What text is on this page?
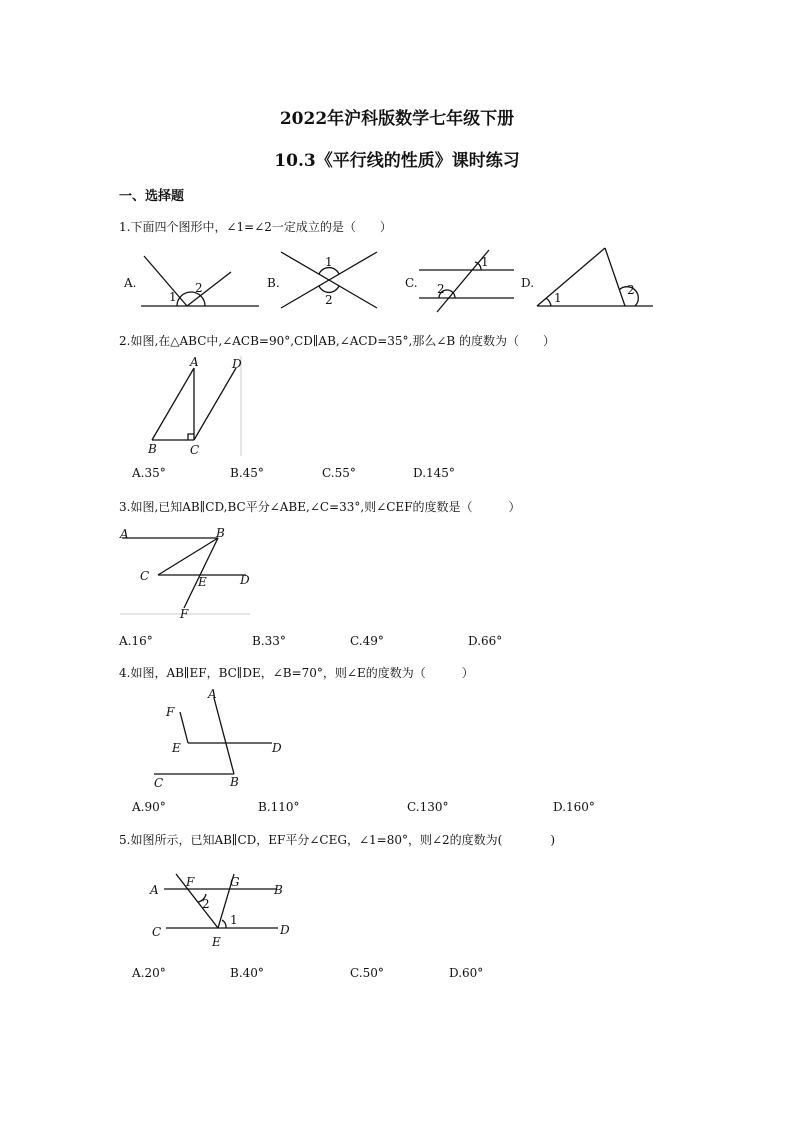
2022年沪科版数学七年级下册
10.3《平行线的性质》课时练习
一、选择题
1.下面四个图形中，∠1=∠2一定成立的是（　　）
A.
1
2	B.
1
2
C.
1
2	D.
1
2
2.如图,在△ABC中,∠ACB=90°,CD∥AB,∠ACD=35°,那么∠B 的度数为（　　）
A	D
B	C
A.35°	B.45°	C.55°	D.145°
3.如图,已知AB∥CD,BC平分∠ABE,∠C=33°,则∠CEF的度数是（　　　）
A	B
C	E	D
F
A.16°	B.33°	C.49°	D.66°
4.如图，AB∥EF，BC∥DE，∠B=70°，则∠E的度数为（　　　）
A
F
E	D
C	B
A.90°	B.110°	C.130°	D.160°
5.如图所示，已知AB∥CD，EF平分∠CEG，∠1=80°，则∠2的度数为(　　　　)
A
F	G
B
2
1
C
E
D
A.20°	B.40°	C.50°	D.60°
